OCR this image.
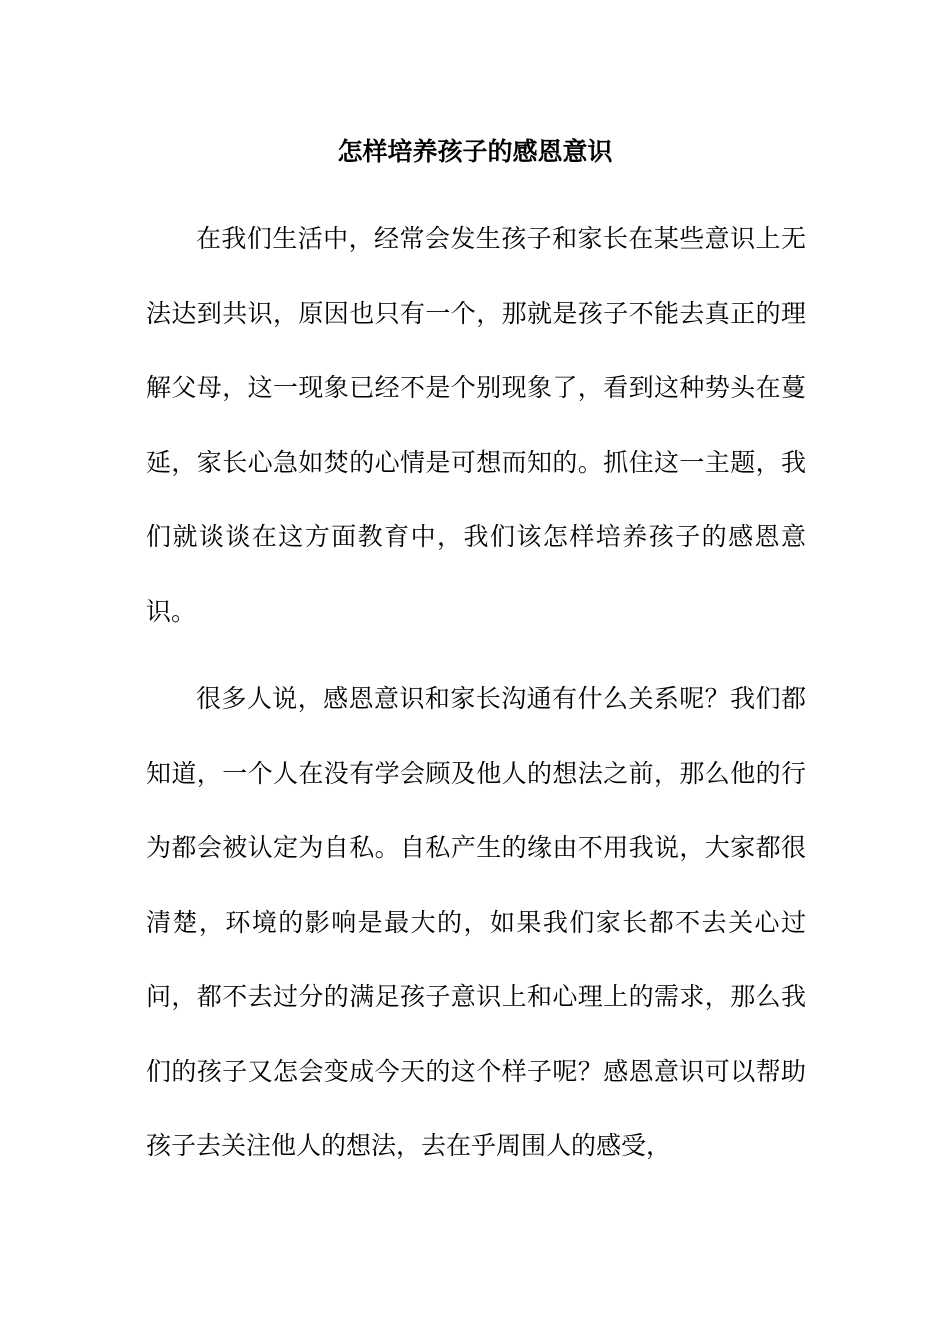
怎样培养孩子的感恩意识

在我们生活中，经常会发生孩子和家长在某些意识上无法达到共识，原因也只有一个，那就是孩子不能去真正的理解父母，这一现象已经不是个别现象了，看到这种势头在蔓延，家长心急如焚的心情是可想而知的。抓住这一主题，我们就谈谈在这方面教育中，我们该怎样培养孩子的感恩意识。

很多人说，感恩意识和家长沟通有什么关系呢？我们都知道，一个人在没有学会顾及他人的想法之前，那么他的行为都会被认定为自私。自私产生的缘由不用我说，大家都很清楚，环境的影响是最大的，如果我们家长都不去关心过问，都不去过分的满足孩子意识上和心理上的需求，那么我们的孩子又怎会变成今天的这个样子呢？感恩意识可以帮助孩子去关注他人的想法，去在乎周围人的感受，
